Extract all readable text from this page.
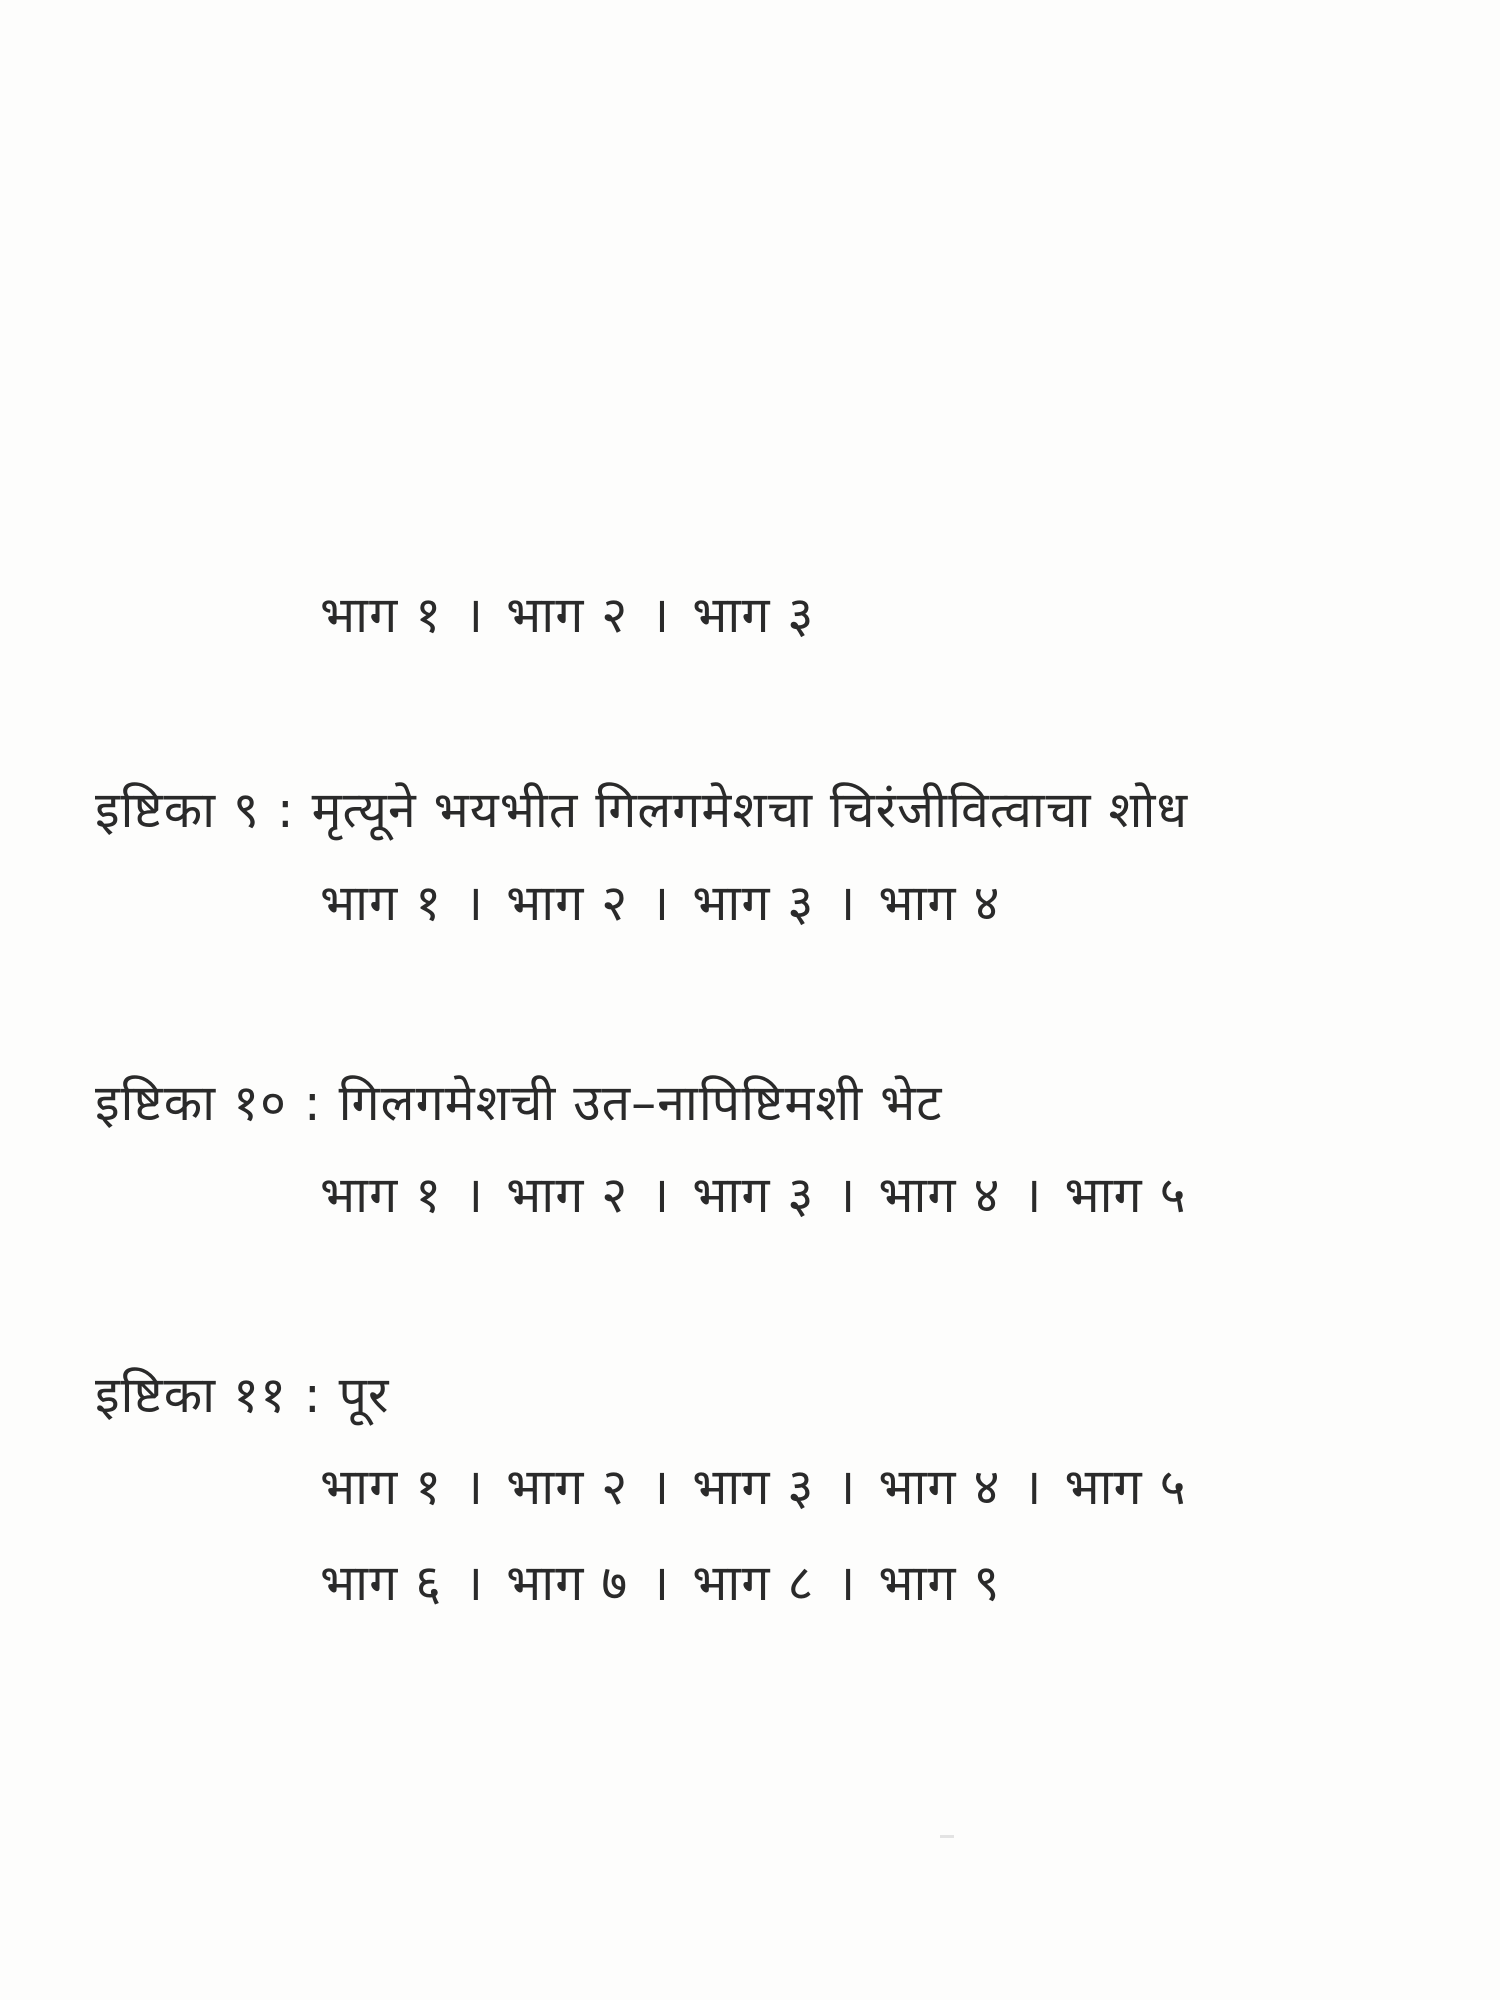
भाग १ । भाग २ । भाग ३
इष्टिका ९ : मृत्यूने भयभीत गिलगमेशचा चिरंजीवित्वाचा शोध
भाग १ । भाग २ । भाग ३ । भाग ४
इष्टिका १० : गिलगमेशची उत–नापिष्टिमशी भेट
भाग १ । भाग २ । भाग ३ । भाग ४ । भाग ५
इष्टिका ११ : पूर
भाग १ । भाग २ । भाग ३ । भाग ४ । भाग ५
भाग ६ । भाग ७ । भाग ८ । भाग ९
